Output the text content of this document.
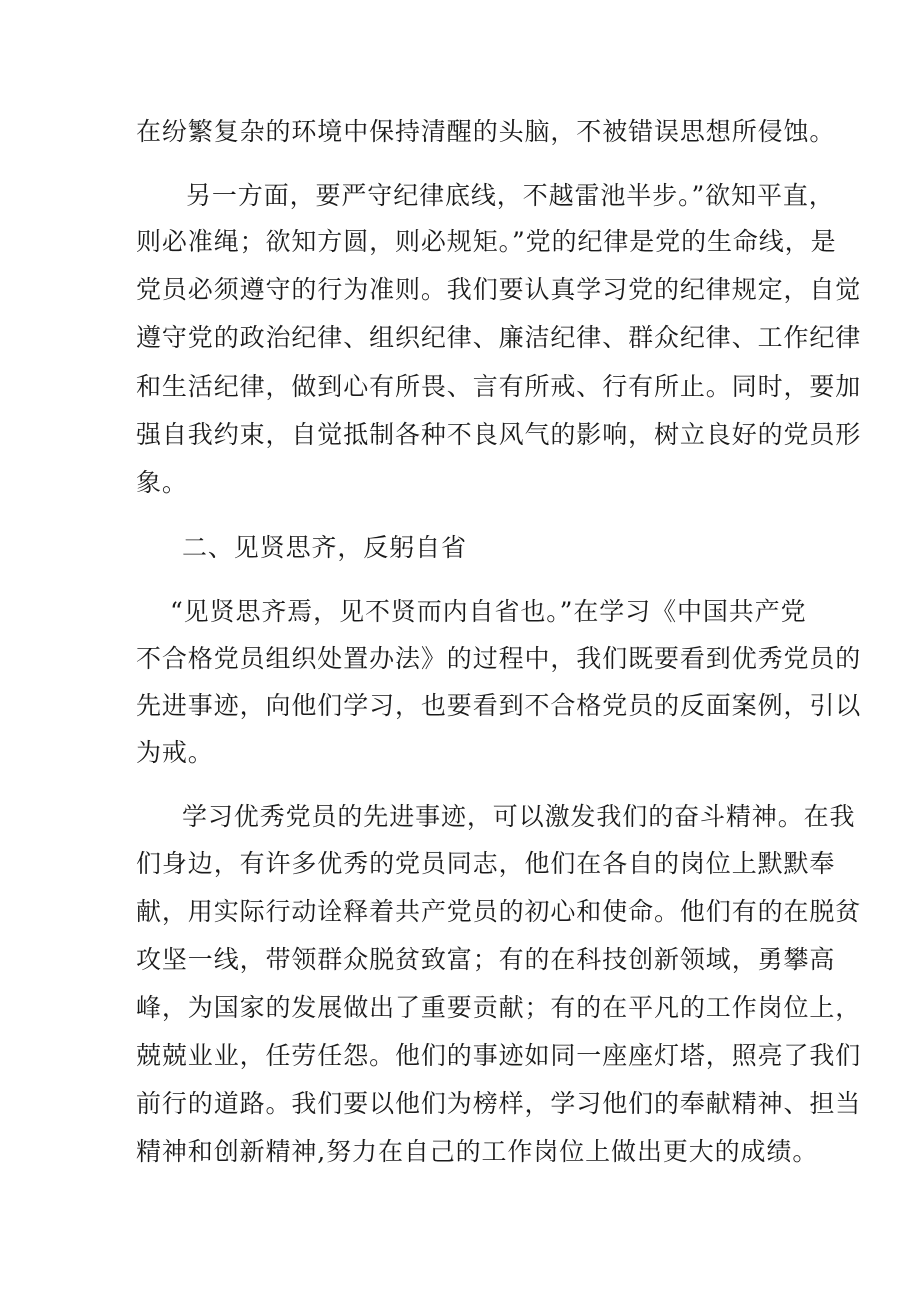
在纷繁复杂的环境中保持清醒的头脑，不被错误思想所侵蚀。

另一方面，要严守纪律底线，不越雷池半步。”欲知平直，

则必准绳；欲知方圆，则必规矩。”党的纪律是党的生命线，是

党员必须遵守的行为准则。我们要认真学习党的纪律规定，自觉

遵守党的政治纪律、组织纪律、廉洁纪律、群众纪律、工作纪律

和生活纪律，做到心有所畏、言有所戒、行有所止。同时，要加

强自我约束，自觉抵制各种不良风气的影响，树立良好的党员形

象。

二、见贤思齐，反躬自省

“见贤思齐焉，见不贤而内自省也。”在学习《中国共产党

不合格党员组织处置办法》的过程中，我们既要看到优秀党员的

先进事迹，向他们学习，也要看到不合格党员的反面案例，引以

为戒。

学习优秀党员的先进事迹，可以激发我们的奋斗精神。在我

们身边，有许多优秀的党员同志，他们在各自的岗位上默默奉

献，用实际行动诠释着共产党员的初心和使命。他们有的在脱贫

攻坚一线，带领群众脱贫致富；有的在科技创新领域，勇攀高

峰，为国家的发展做出了重要贡献；有的在平凡的工作岗位上，

兢兢业业，任劳任怨。他们的事迹如同一座座灯塔，照亮了我们

前行的道路。我们要以他们为榜样，学习他们的奉献精神、担当

精神和创新精神,努力在自己的工作岗位上做出更大的成绩。
